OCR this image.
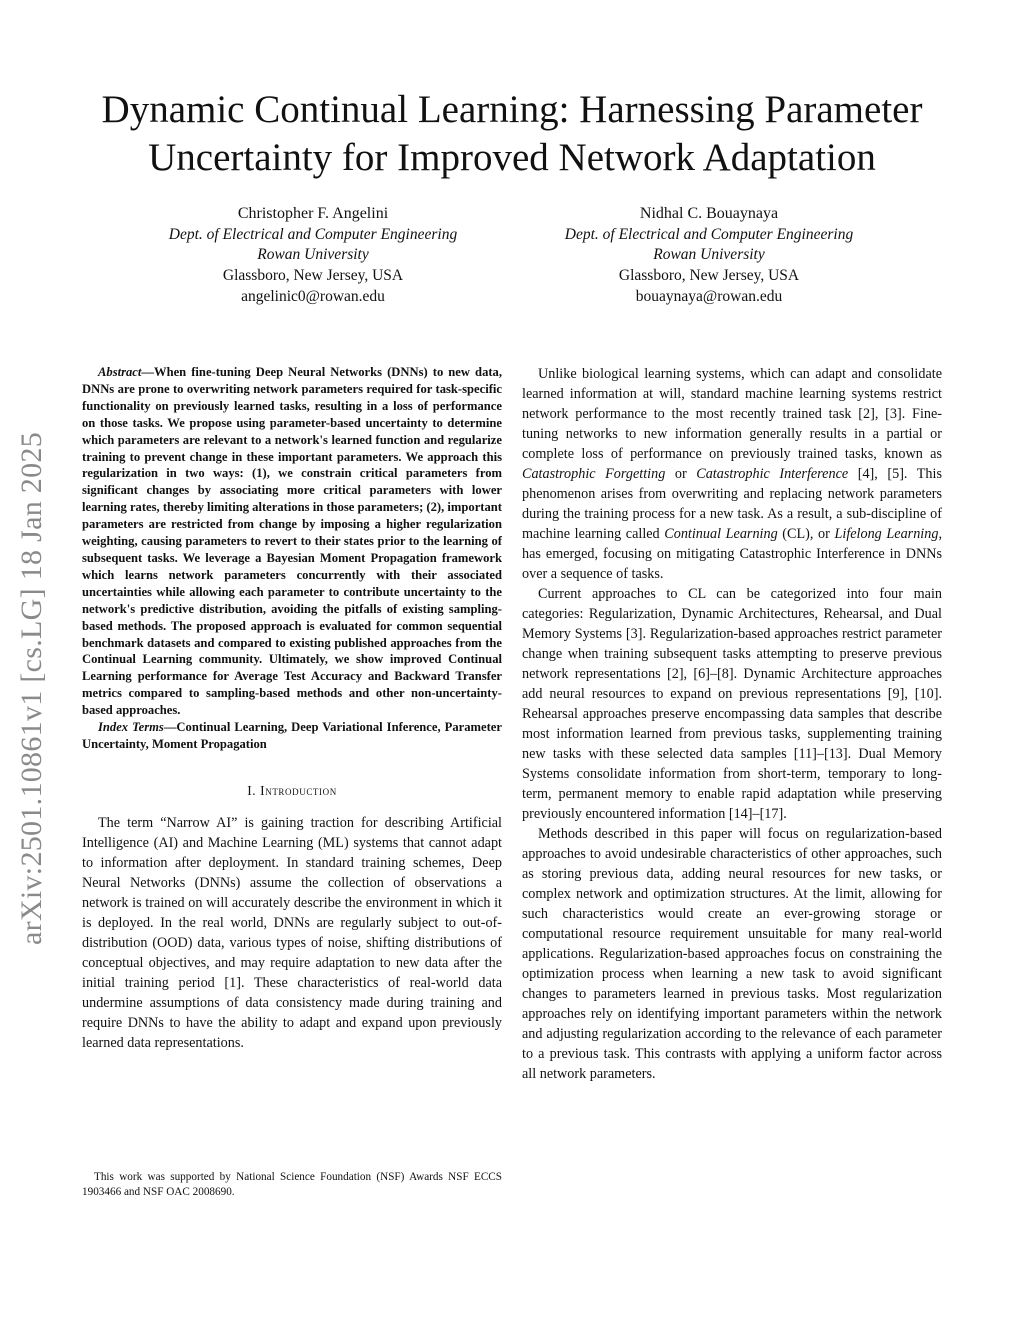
Dynamic Continual Learning: Harnessing Parameter
Uncertainty for Improved Network Adaptation
Christopher F. Angelini
Dept. of Electrical and Computer Engineering
Rowan University
Glassboro, New Jersey, USA
angelinic0@rowan.edu
Nidhal C. Bouaynaya
Dept. of Electrical and Computer Engineering
Rowan University
Glassboro, New Jersey, USA
bouaynaya@rowan.edu
arXiv:2501.10861v1 [cs.LG] 18 Jan 2025

Abstract—When fine-tuning Deep Neural Networks (DNNs) to new data, DNNs are prone to overwriting network parameters required for task-specific functionality on previously learned tasks, resulting in a loss of performance on those tasks. We propose using parameter-based uncertainty to determine which parameters are relevant to a network's learned function and regularize training to prevent change in these important parameters. We approach this regularization in two ways: (1), we constrain critical parameters from significant changes by associating more critical parameters with lower learning rates, thereby limiting alterations in those parameters; (2), important parameters are restricted from change by imposing a higher regularization weighting, causing parameters to revert to their states prior to the learning of subsequent tasks. We leverage a Bayesian Moment Propagation framework which learns network parameters concurrently with their associated uncertainties while allowing each parameter to contribute uncertainty to the network's predictive distribution, avoiding the pitfalls of existing sampling-based methods. The proposed approach is evaluated for common sequential benchmark datasets and compared to existing published approaches from the Continual Learning community. Ultimately, we show improved Continual Learning performance for Average Test Accuracy and Backward Transfer metrics compared to sampling-based methods and other non-uncertainty-based approaches.

Index Terms—Continual Learning, Deep Variational Inference, Parameter Uncertainty, Moment Propagation

I. Introduction

The term “Narrow AI” is gaining traction for describing Artificial Intelligence (AI) and Machine Learning (ML) systems that cannot adapt to information after deployment. In standard training schemes, Deep Neural Networks (DNNs) assume the collection of observations a network is trained on will accurately describe the environment in which it is deployed. In the real world, DNNs are regularly subject to out-of-distribution (OOD) data, various types of noise, shifting distributions of conceptual objectives, and may require adaptation to new data after the initial training period [1]. These characteristics of real-world data undermine assumptions of data consistency made during training and require DNNs to have the ability to adapt and expand upon previously learned data representations.

This work was supported by National Science Foundation (NSF) Awards NSF ECCS 1903466 and NSF OAC 2008690.

Unlike biological learning systems, which can adapt and consolidate learned information at will, standard machine learning systems restrict network performance to the most recently trained task [2], [3]. Fine-tuning networks to new information generally results in a partial or complete loss of performance on previously trained tasks, known as Catastrophic Forgetting or Catastrophic Interference [4], [5]. This phenomenon arises from overwriting and replacing network parameters during the training process for a new task. As a result, a sub-discipline of machine learning called Continual Learning (CL), or Lifelong Learning, has emerged, focusing on mitigating Catastrophic Interference in DNNs over a sequence of tasks.

Current approaches to CL can be categorized into four main categories: Regularization, Dynamic Architectures, Rehearsal, and Dual Memory Systems [3]. Regularization-based approaches restrict parameter change when training subsequent tasks attempting to preserve previous network representations [2], [6]–[8]. Dynamic Architecture approaches add neural resources to expand on previous representations [9], [10]. Rehearsal approaches preserve encompassing data samples that describe most information learned from previous tasks, supplementing training new tasks with these selected data samples [11]–[13]. Dual Memory Systems consolidate information from short-term, temporary to long-term, permanent memory to enable rapid adaptation while preserving previously encountered information [14]–[17].

Methods described in this paper will focus on regularization-based approaches to avoid undesirable characteristics of other approaches, such as storing previous data, adding neural resources for new tasks, or complex network and optimization structures. At the limit, allowing for such characteristics would create an ever-growing storage or computational resource requirement unsuitable for many real-world applications. Regularization-based approaches focus on constraining the optimization process when learning a new task to avoid significant changes to parameters learned in previous tasks. Most regularization approaches rely on identifying important parameters within the network and adjusting regularization according to the relevance of each parameter to a previous task. This contrasts with applying a uniform factor across all network parameters.
